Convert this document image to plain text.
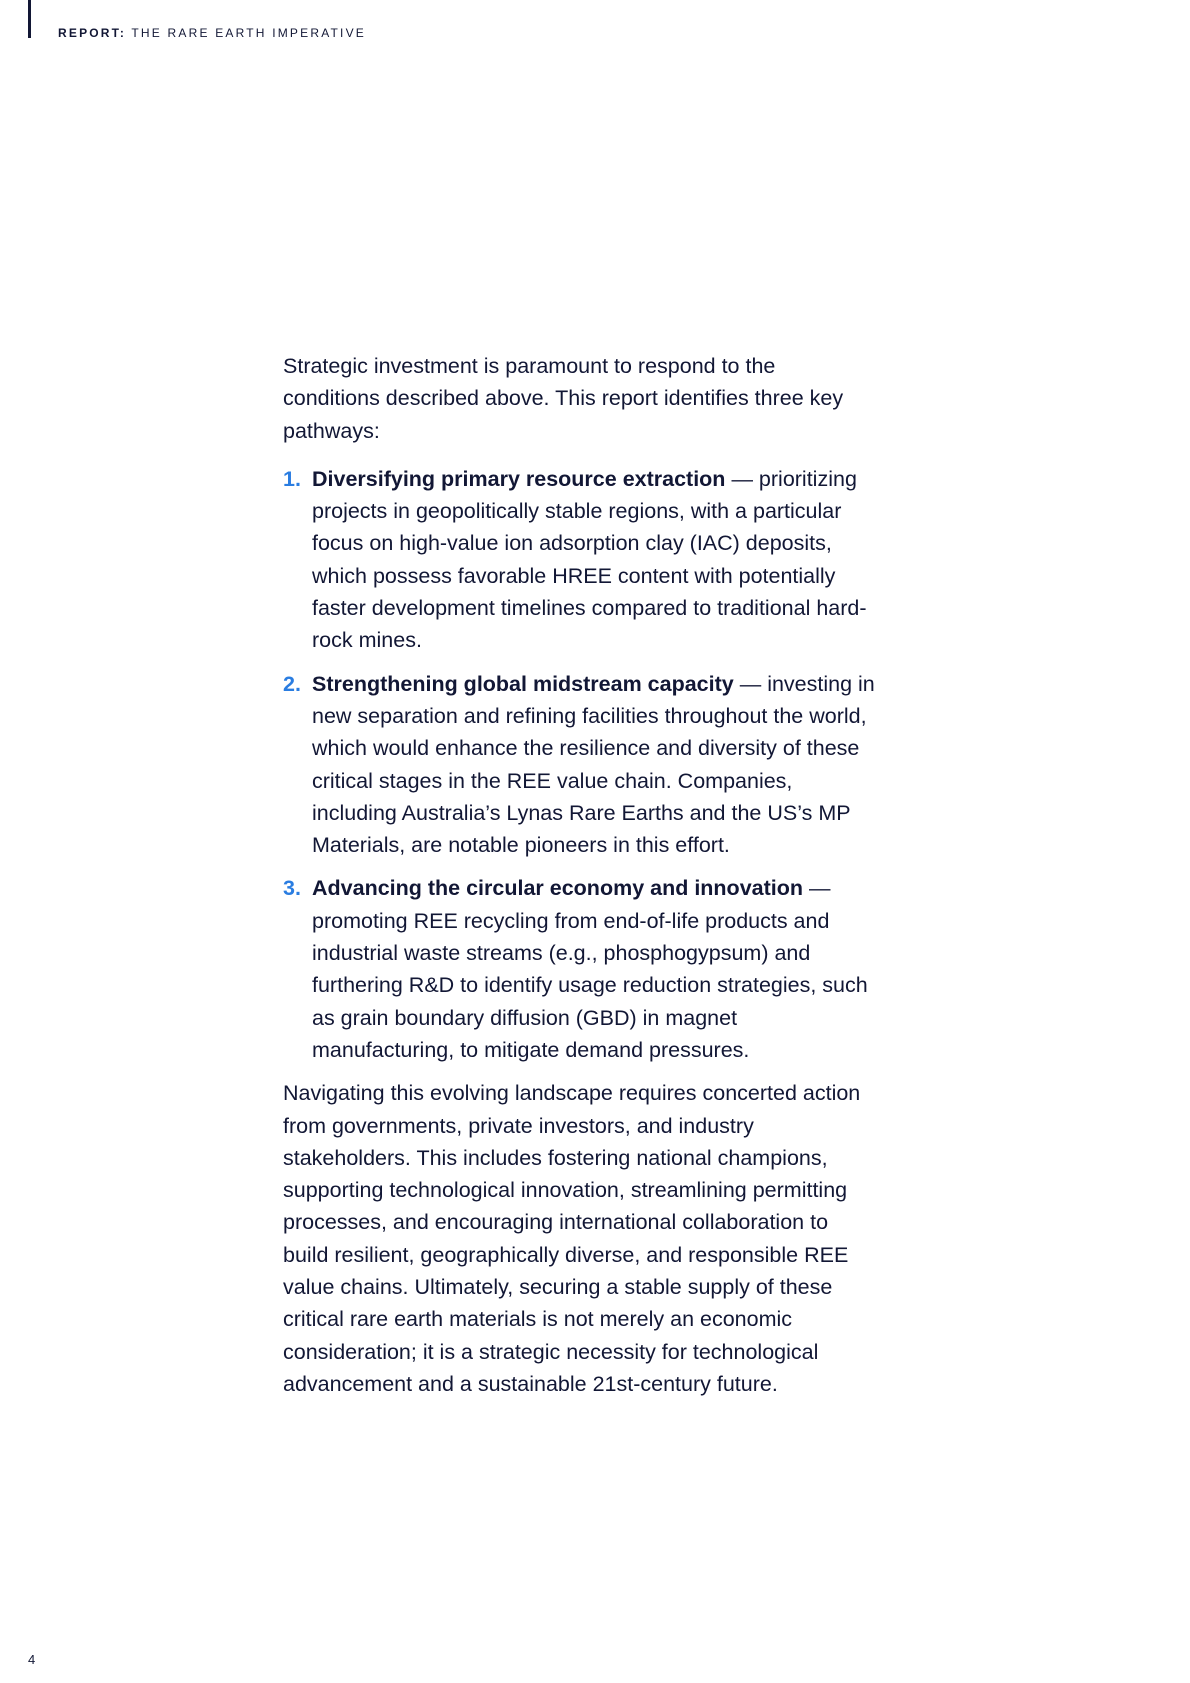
REPORT: THE RARE EARTH IMPERATIVE

Strategic investment is paramount to respond to the conditions described above. This report identifies three key pathways:

1. Diversifying primary resource extraction — prioritizing projects in geopolitically stable regions, with a particular focus on high-value ion adsorption clay (IAC) deposits, which possess favorable HREE content with potentially faster development timelines compared to traditional hard-rock mines.
2. Strengthening global midstream capacity — investing in new separation and refining facilities throughout the world, which would enhance the resilience and diversity of these critical stages in the REE value chain. Companies, including Australia’s Lynas Rare Earths and the US’s MP Materials, are notable pioneers in this effort.
3. Advancing the circular economy and innovation — promoting REE recycling from end-of-life products and industrial waste streams (e.g., phosphogypsum) and furthering R&D to identify usage reduction strategies, such as grain boundary diffusion (GBD) in magnet manufacturing, to mitigate demand pressures.

Navigating this evolving landscape requires concerted action from governments, private investors, and industry stakeholders. This includes fostering national champions, supporting technological innovation, streamlining permitting processes, and encouraging international collaboration to build resilient, geographically diverse, and responsible REE value chains. Ultimately, securing a stable supply of these critical rare earth materials is not merely an economic consideration; it is a strategic necessity for technological advancement and a sustainable 21st-century future.

4
